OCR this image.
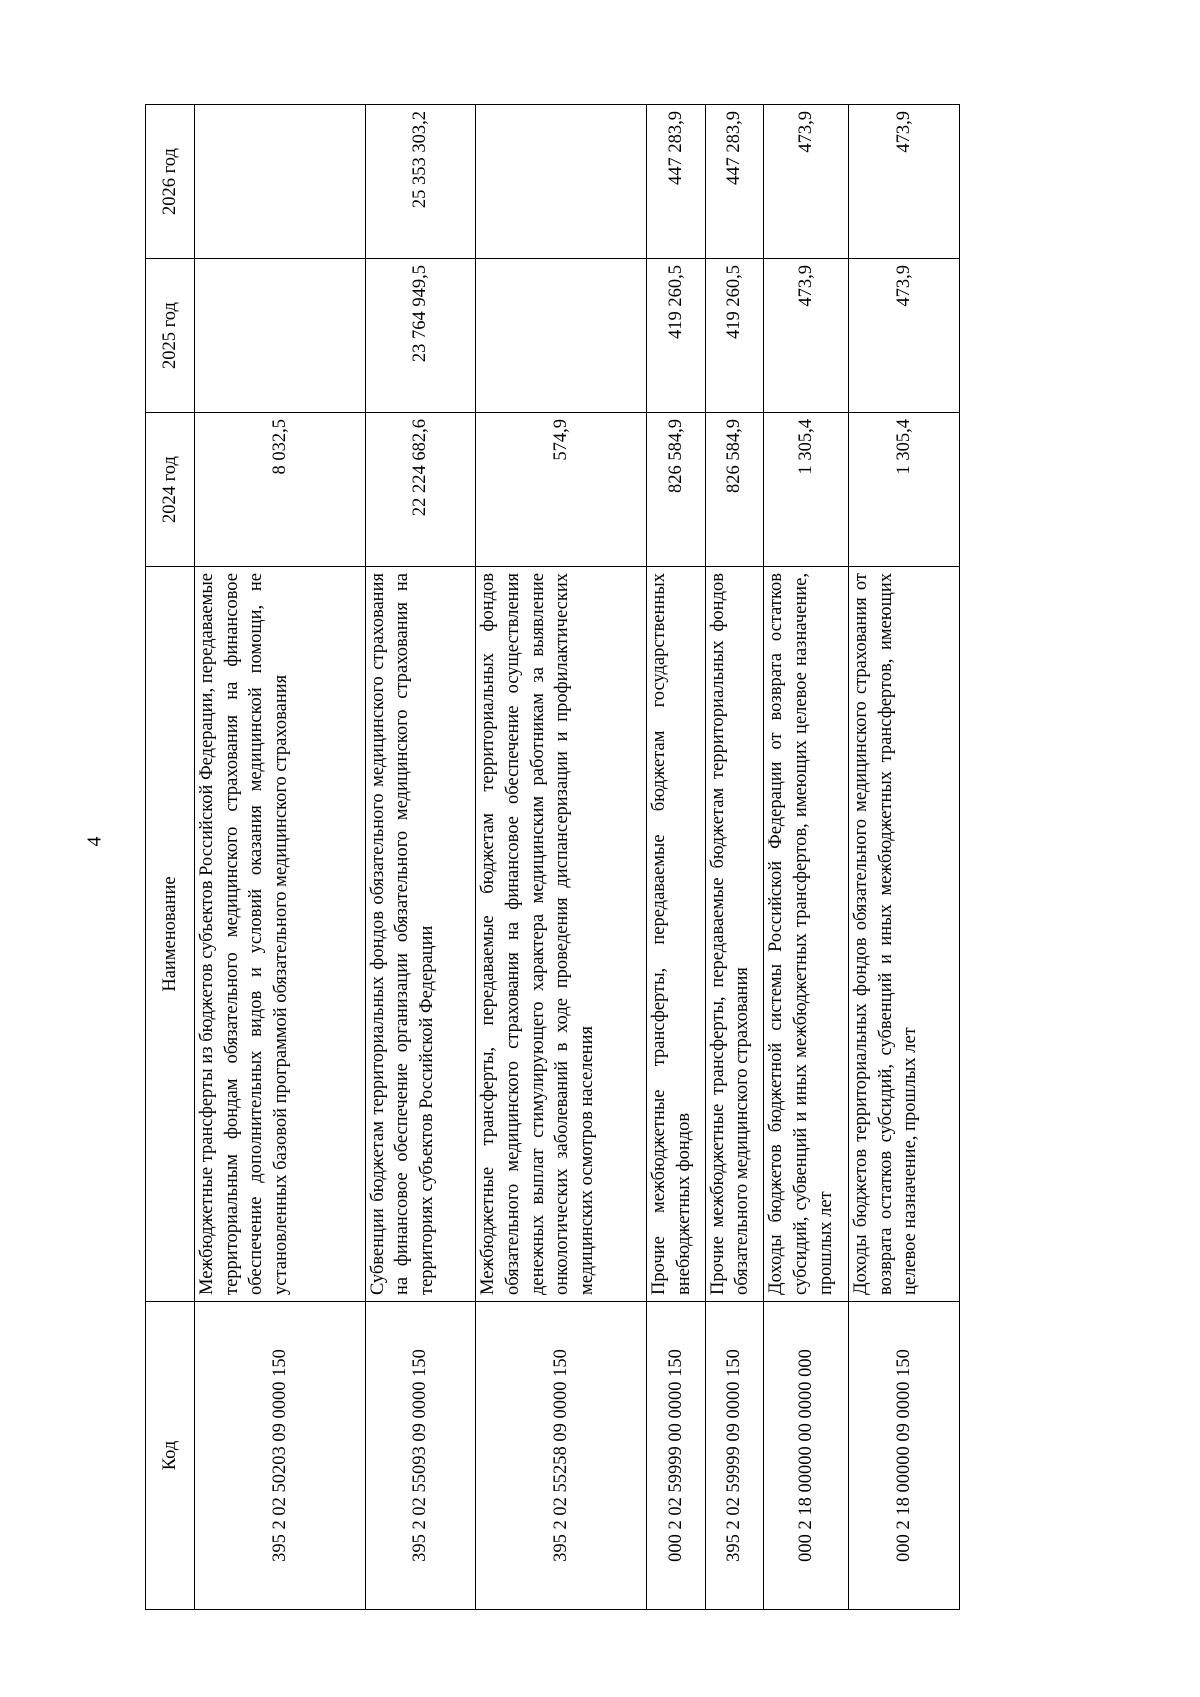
4
Код	Наименование	2024 год	2025 год	2026 год
395 2 02 50203 09 0000 150	Межбюджетные трансферты из бюджетов субъектов Российской Федерации, передаваемые территориальным фондам обязательного медицинского страхования на финансовое обеспечение дополнительных видов и условий оказания медицинской помощи, не установленных базовой программой обязательного медицинского страхования	8 032,5		
395 2 02 55093 09 0000 150	Субвенции бюджетам территориальных фондов обязательного медицинского страхования на финансовое обеспечение организации обязательного медицинского страхования на территориях субъектов Российской Федерации	22 224 682,6	23 764 949,5	25 353 303,2
395 2 02 55258 09 0000 150	Межбюджетные трансферты, передаваемые бюджетам территориальных фондов обязательного медицинского страхования на финансовое обеспечение осуществления денежных выплат стимулирующего характера медицинским работникам за выявление онкологических заболеваний в ходе проведения диспансеризации и профилактических медицинских осмотров населения	574,9		
000 2 02 59999 00 0000 150	Прочие межбюджетные трансферты, передаваемые бюджетам государственных внебюджетных фондов	826 584,9	419 260,5	447 283,9
395 2 02 59999 09 0000 150	Прочие межбюджетные трансферты, передаваемые бюджетам территориальных фондов обязательного медицинского страхования	826 584,9	419 260,5	447 283,9
000 2 18 00000 00 0000 000	Доходы бюджетов бюджетной системы Российской Федерации от возврата остатков субсидий, субвенций и иных межбюджетных трансфертов, имеющих целевое назначение, прошлых лет	1 305,4	473,9	473,9
000 2 18 00000 09 0000 150	Доходы бюджетов территориальных фондов обязательного медицинского страхования от возврата остатков субсидий, субвенций и иных межбюджетных трансфертов, имеющих целевое назначение, прошлых лет	1 305,4	473,9	473,9
